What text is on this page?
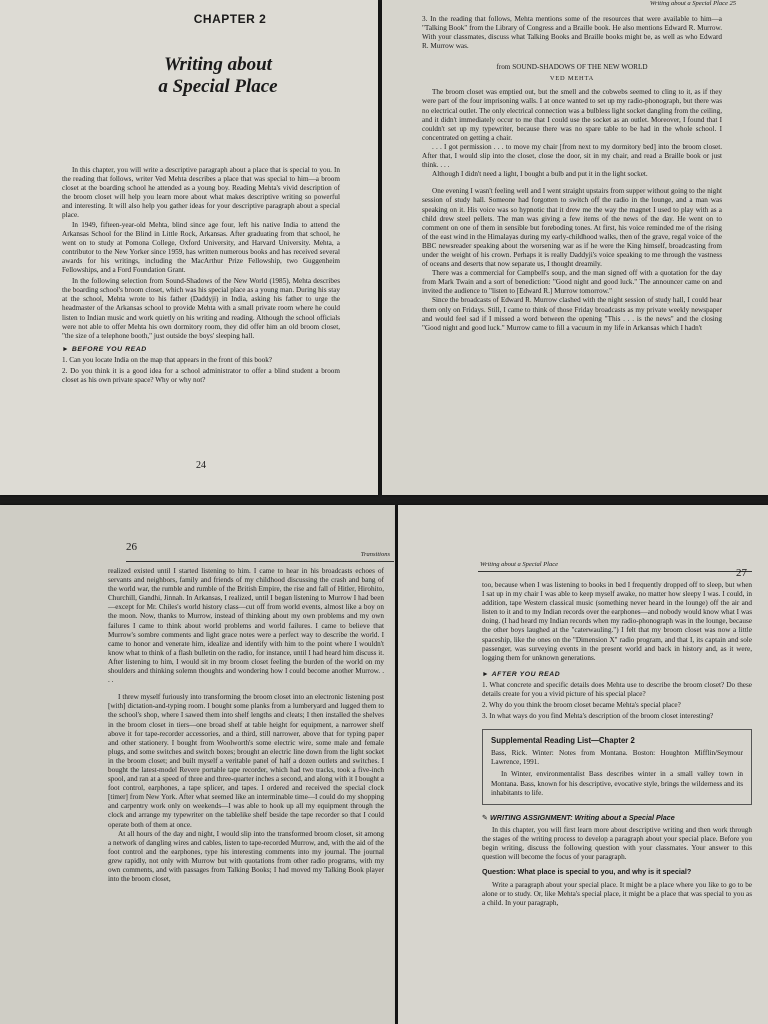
CHAPTER 2
Writing about
a Special Place

In this chapter, you will write a descriptive paragraph about a place that is special to you. In the reading that follows, writer Ved Mehta describes a place that was special to him—a broom closet at the boarding school he attended as a young boy. Reading Mehta's vivid description of the broom closet will help you learn more about what makes descriptive writing so powerful and interesting. It will also help you gather ideas for your descriptive paragraph about a special place.

In 1949, fifteen-year-old Mehta, blind since age four, left his native India to attend the Arkansas School for the Blind in Little Rock, Arkansas. After graduating from that school, he went on to study at Pomona College, Oxford University, and Harvard University. Mehta, a contributor to the New Yorker since 1959, has written numerous books and has received several awards for his writings, including the MacArthur Prize Fellowship, two Guggenheim Fellowships, and a Ford Foundation Grant.

In the following selection from Sound-Shadows of the New World (1985), Mehta describes the boarding school's broom closet, which was his special place as a young man. During his stay at the school, Mehta wrote to his father (Daddyji) in India, asking his father to urge the headmaster of the Arkansas school to provide Mehta with a small private room where he could listen to Indian music and work quietly on his writing and reading. Although the school officials were not able to offer Mehta his own dormitory room, they did offer him an old broom closet, "the size of a telephone booth," just outside the boys' sleeping hall.

► BEFORE YOU READ
1. Can you locate India on the map that appears in the front of this book?
2. Do you think it is a good idea for a school administrator to offer a blind student a broom closet as his own private space? Why or why not?
24
Writing about a Special Place 25
3. In the reading that follows, Mehta mentions some of the resources that were available to him—a "Talking Book" from the Library of Congress and a Braille book. He also mentions Edward R. Murrow. With your classmates, discuss what Talking Books and Braille books might be, as well as who Edward R. Murrow was.
from SOUND-SHADOWS OF THE NEW WORLD
VED MEHTA

The broom closet was emptied out, but the smell and the cobwebs seemed to cling to it, as if they were part of the four imprisoning walls. I at once wanted to set up my radio-phonograph, but there was no electrical outlet. The only electrical connection was a bulbless light socket dangling from the ceiling, and it didn't immediately occur to me that I could use the socket as an outlet. Moreover, I found that I couldn't set up my typewriter, because there was no spare table to be had in the whole school. I concentrated on getting a chair.

. . . I got permission . . . to move my chair [from next to my dormitory bed] into the broom closet. After that, I would slip into the closet, close the door, sit in my chair, and read a Braille book or just think. . . .

Although I didn't need a light, I bought a bulb and put it in the light socket.

One evening I wasn't feeling well and I went straight upstairs from supper without going to the night session of study hall. Someone had forgotten to switch off the radio in the lounge, and a man was speaking on it. His voice was so hypnotic that it drew me the way the magnet I used to play with as a child drew steel pellets. The man was giving a few items of the news of the day. He went on to comment on one of them in sensible but foreboding tones. At first, his voice reminded me of the rising of the east wind in the Himalayas during my early-childhood walks, then of the grave, regal voice of the BBC newsreader speaking about the worsening war as if he were the King himself, broadcasting from under the weight of his crown. Perhaps it is really Daddyji's voice speaking to me through the vastness of oceans and deserts that now separate us, I thought dreamily.

There was a commercial for Campbell's soup, and the man signed off with a quotation for the day from Mark Twain and a sort of benediction: "Good night and good luck." The announcer came on and invited the audience to "listen to [Edward R.] Murrow tomorrow."

Since the broadcasts of Edward R. Murrow clashed with the night session of study hall, I could hear them only on Fridays. Still, I came to think of those Friday broadcasts as my private weekly newspaper and would feel sad if I missed a word between the opening "This . . . is the news" and the closing "Good night and good luck." Murrow came to fill a vacuum in my life in Arkansas which I hadn't

Transitions
26

realized existed until I started listening to him. I came to hear in his broadcasts echoes of servants and neighbors, family and friends of my childhood discussing the crash and bang of the world war, the rumble and rumble of the British Empire, the rise and fall of Hitler, Hirohito, Churchill, Gandhi, Jinnah. In Arkansas, I realized, until I began listening to Murrow I had been—except for Mr. Chiles's world history class—cut off from world events, almost like a boy on the moon. Now, thanks to Murrow, instead of thinking about my own problems and my own failures I came to think about world problems and world failures. I came to believe that Murrow's sombre comments and light grace notes were a perfect way to describe the world. I came to honor and venerate him, idealize and identify with him to the point where I wouldn't know what to think of a flash bulletin on the radio, for instance, until I had heard him discuss it. After listening to him, I would sit in my broom closet feeling the burden of the world on my shoulders and thinking solemn thoughts and wondering how I could become another Murrow. . . .

I threw myself furiously into transforming the broom closet into an electronic listening post [with] dictation-and-typing room. I bought some planks from a lumberyard and lugged them to the school's shop, where I sawed them into shelf lengths and cleats; I then installed the shelves in the broom closet in tiers—one broad shelf at table height for equipment, a narrower shelf above it for tape-recorder accessories, and a third, still narrower, above that for typing paper and other stationery. I bought from Woolworth's some electric wire, some male and female plugs, and some switches and switch boxes; brought an electric line down from the light socket in the broom closet; and built myself a veritable panel of half a dozen outlets and switches. I bought the latest-model Revere portable tape recorder, which had two tracks, took a five-inch spool, and ran at a speed of three and three-quarter inches a second, and along with it I bought a foot control, earphones, a tape splicer, and tapes. I ordered and received the special clock [timer] from New York. After what seemed like an interminable time—I could do my shopping and carpentry work only on weekends—I was able to hook up all my equipment through the clock and arrange my typewriter on the tablelike shelf beside the tape recorder so that I could operate both of them at once.

At all hours of the day and night, I would slip into the transformed broom closet, sit among a network of dangling wires and cables, listen to tape-recorded Murrow, and, with the aid of the foot control and the earphones, type his interesting comments into my journal. The journal grew rapidly, not only with Murrow but with quotations from other radio programs, with my own comments, and with passages from Talking Books; I had moved my Talking Book player into the broom closet,

Writing about a Special Place
27

too, because when I was listening to books in bed I frequently dropped off to sleep, but when I sat up in my chair I was able to keep myself awake, no matter how sleepy I was. I could, in addition, tape Western classical music (something never heard in the lounge) off the air and listen to it and to my Indian records over the earphones—and nobody would know what I was doing. (I had heard my Indian records when my radio-phonograph was in the lounge, because the other boys laughed at the "caterwauling.") I felt that my broom closet was now a little spaceship, like the ones on the "Dimension X" radio program, and that I, its captain and sole passenger, was surveying events in the present world and back in history and, as it were, logging them for unknown generations.

► AFTER YOU READ
1. What concrete and specific details does Mehta use to describe the broom closet? Do these details create for you a vivid picture of his special place?
2. Why do you think the broom closet became Mehta's special place?
3. In what ways do you find Mehta's description of the broom closet interesting?
Supplemental Reading List—Chapter 2

Bass, Rick. Winter: Notes from Montana. Boston: Houghton Mifflin/Seymour Lawrence, 1991.

In Winter, environmentalist Bass describes winter in a small valley town in Montana. Bass, known for his descriptive, evocative style, brings the wilderness and its inhabitants to life.

✎ WRITING ASSIGNMENT: Writing about a Special Place

In this chapter, you will first learn more about descriptive writing and then work through the stages of the writing process to develop a paragraph about your special place. Before you begin writing, discuss the following question with your classmates. Your answer to this question will become the focus of your paragraph.

Question: What place is special to you, and why is it special?

Write a paragraph about your special place. It might be a place where you like to go to be alone or to study. Or, like Mehta's special place, it might be a place that was special to you as a child. In your paragraph,
